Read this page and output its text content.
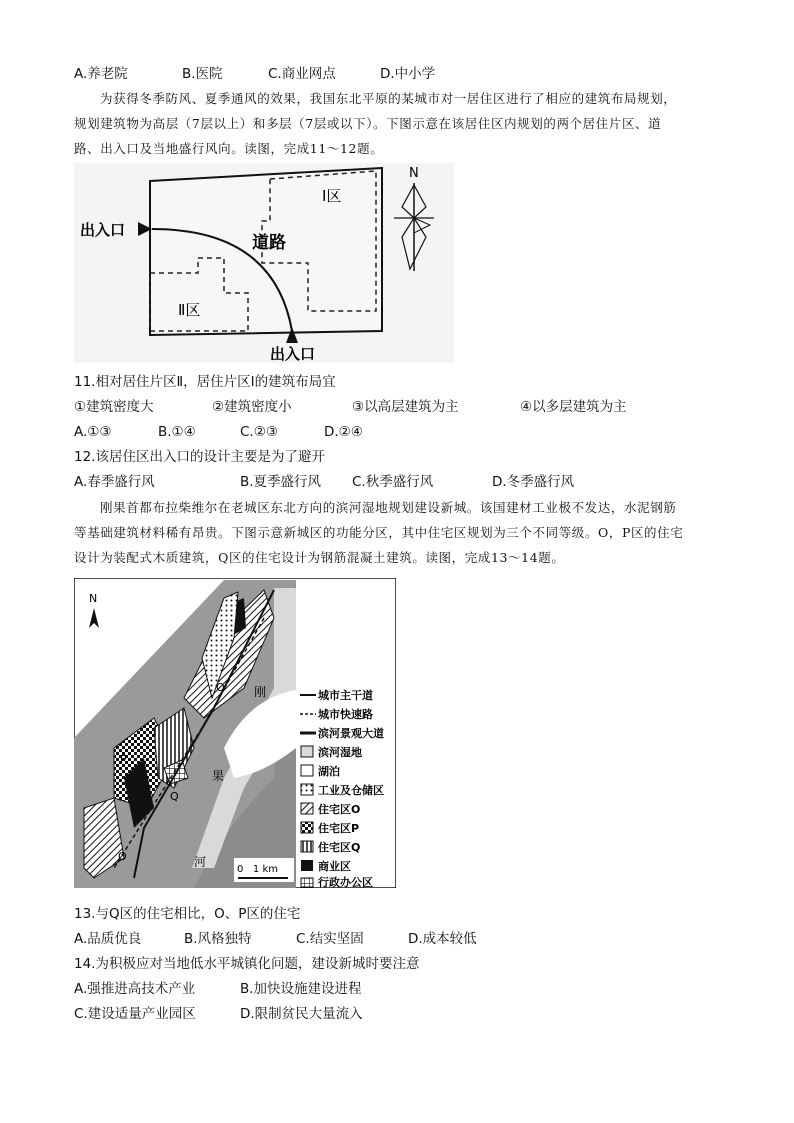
A.养老院	B.医院	C.商业网点	D.中小学
为获得冬季防风、夏季通风的效果，我国东北平原的某城市对一居住区进行了相应的建筑布局规划，
规划建筑物为高层（7层以上）和多层（7层或以下）。下图示意在该居住区内规划的两个居住片区、道
路、出入口及当地盛行风向。读图，完成11～12题。
出入口
出入口
道路
Ⅰ区
Ⅱ区
N
11.相对居住片区Ⅱ，居住片区Ⅰ的建筑布局宜
①建筑密度大	②建筑密度小	③以高层建筑为主	④以多层建筑为主
A.①③	B.①④	C.②③	D.②④
12.该居住区出入口的设计主要是为了避开
A.春季盛行风	B.夏季盛行风 C.秋季盛行风	D.冬季盛行风
刚果首都布拉柴维尔在老城区东北方向的滨河湿地规划建设新城。该国建材工业极不发达，水泥钢筋
等基础建筑材料稀有昂贵。下图示意新城区的功能分区，其中住宅区规划为三个不同等级。O，P区的住宅
设计为装配式木质建筑，Q区的住宅设计为钢筋混凝土建筑。读图，完成13～14题。
N
O
P
Q
O
刚
果
河
0   1 km
城市主干道
城市快速路
滨河景观大道
滨河湿地
湖泊
工业及仓储区
住宅区O
住宅区P
住宅区Q
商业区
行政办公区
13.与Q区的住宅相比，O、P区的住宅
A.品质优良	B.风格独特	C.结实坚固	D.成本较低
14.为积极应对当地低水平城镇化问题，建设新城时要注意
A.强推进高技术产业	B.加快设施建设进程
C.建设适量产业园区	D.限制贫民大量流入
